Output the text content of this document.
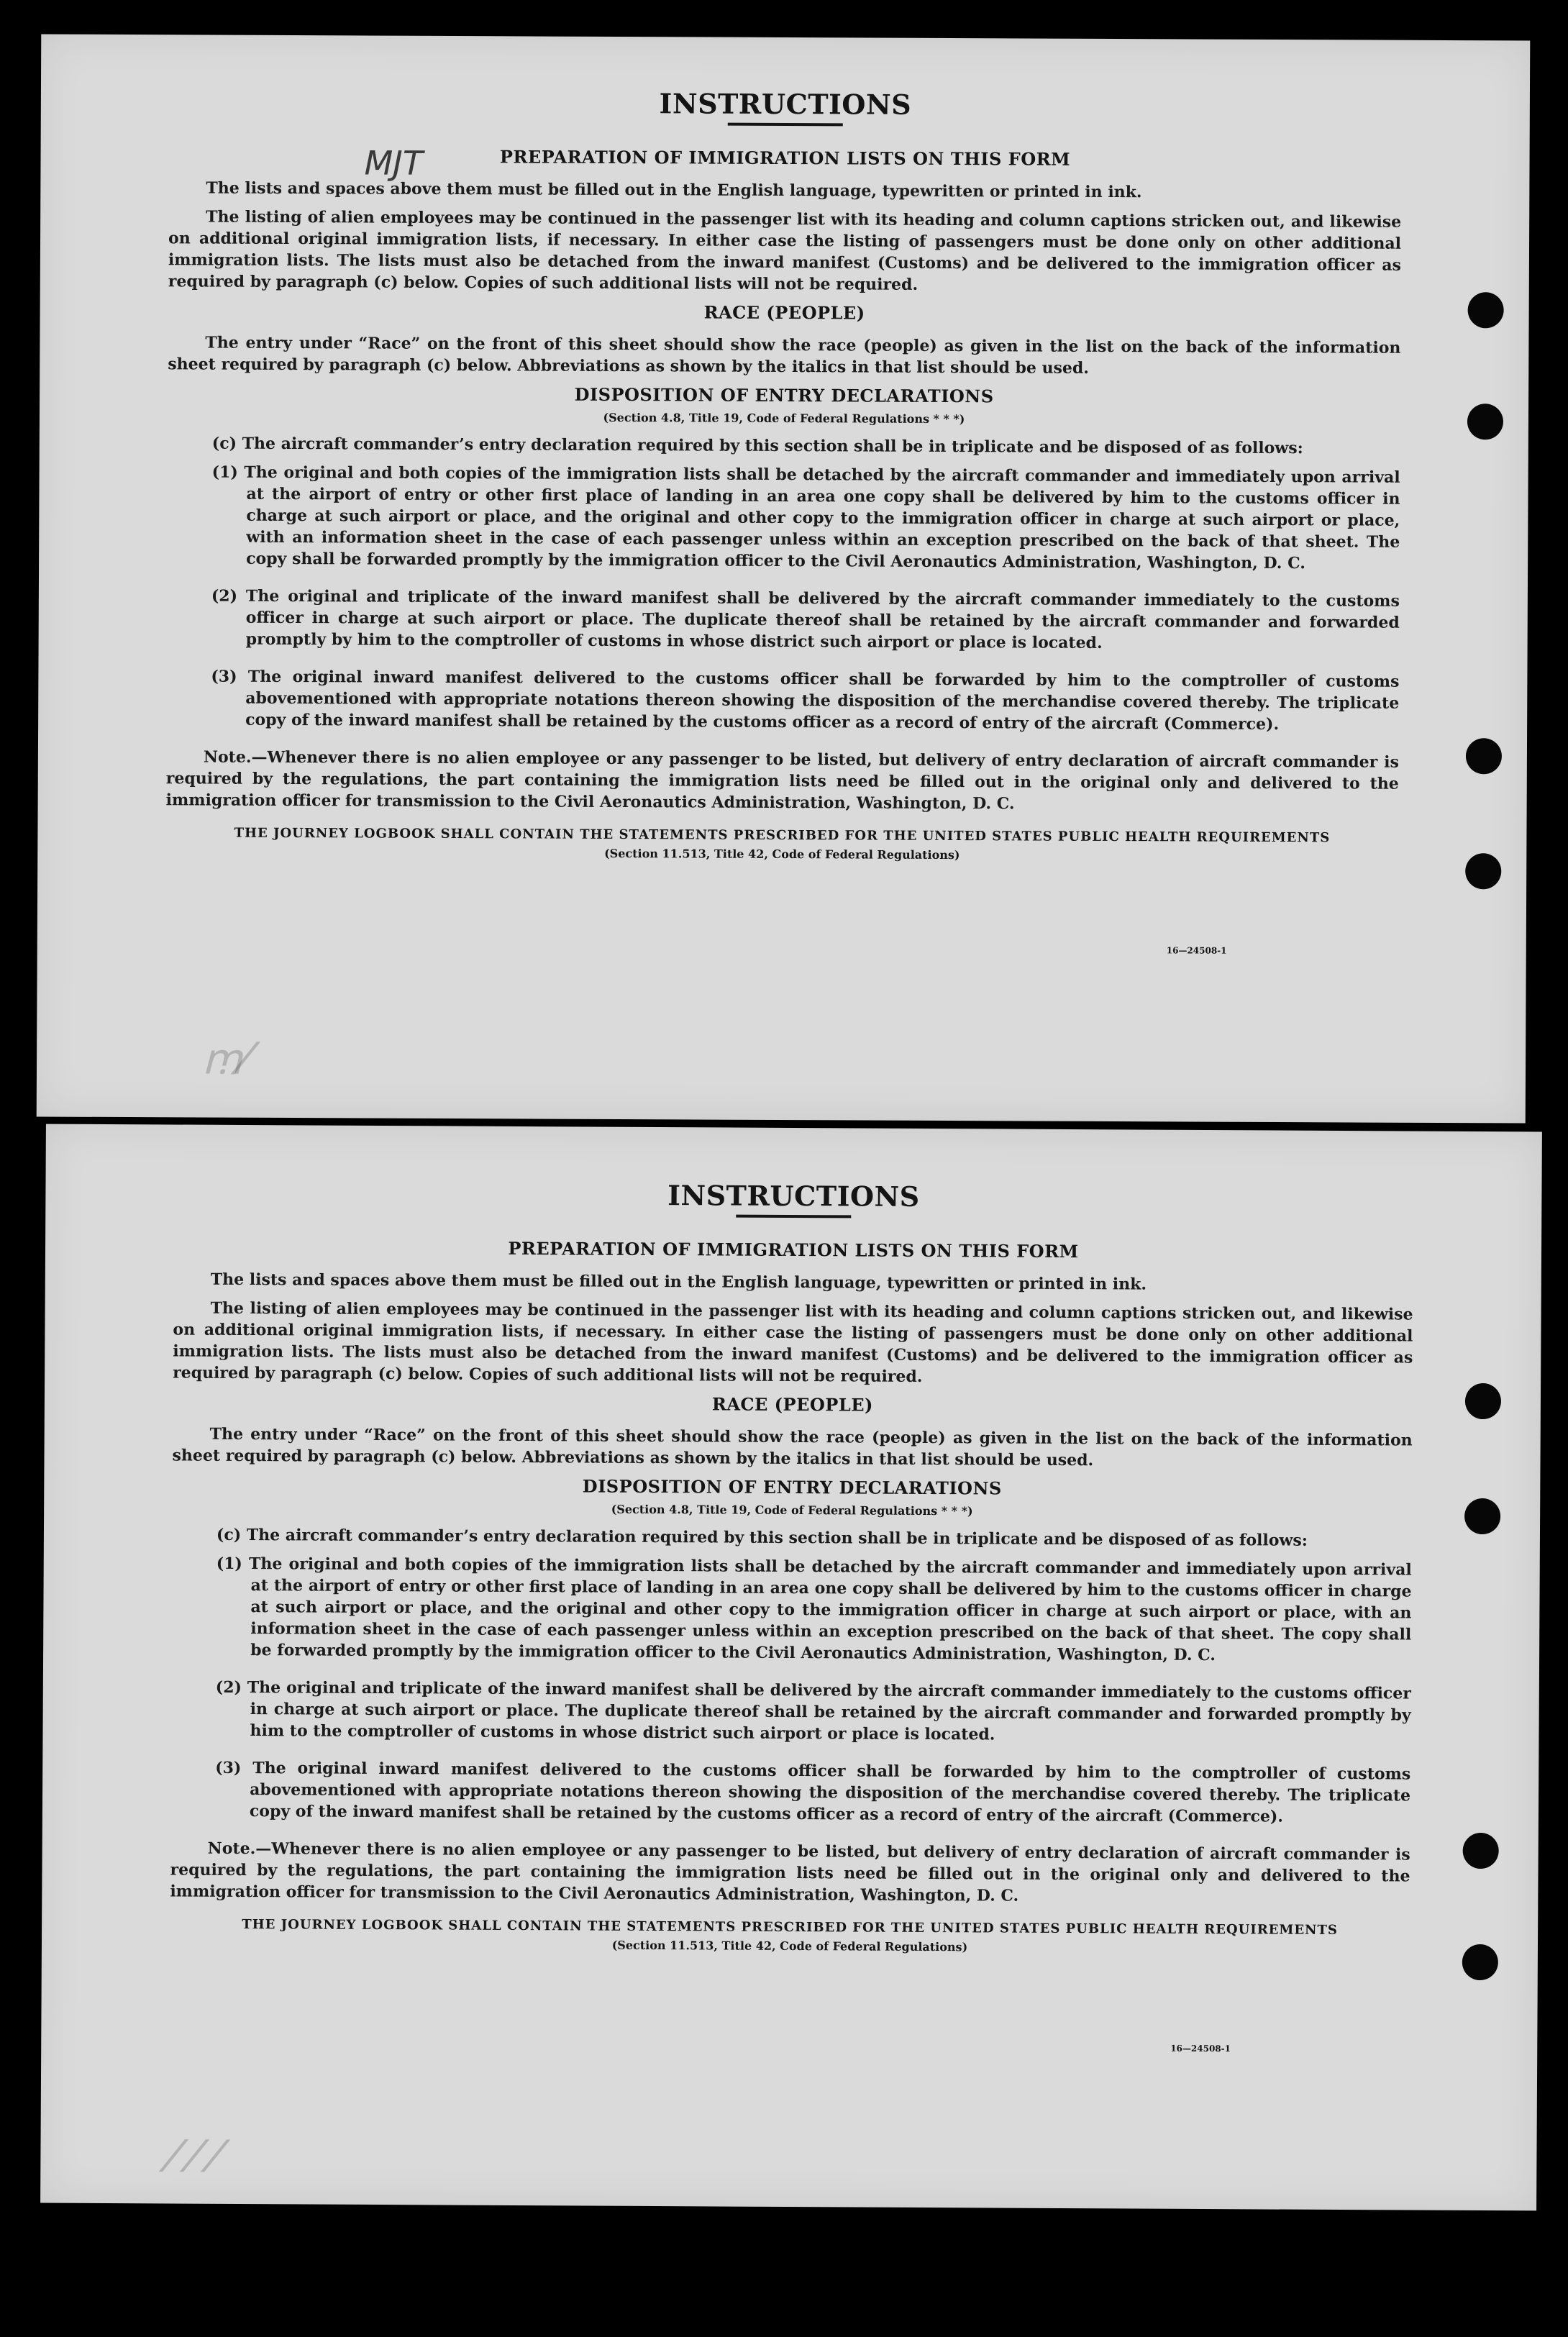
MJT
ꭑ⁄
INSTRUCTIONS
PREPARATION OF IMMIGRATION LISTS ON THIS FORM

The lists and spaces above them must be filled out in the English language, typewritten or printed in ink.

The listing of alien employees may be continued in the passenger list with its heading and column captions stricken out, and likewise on additional original immigration lists, if necessary. In either case the listing of passengers must be done only on other additional immigration lists. The lists must also be detached from the inward manifest (Customs) and be delivered to the immigration officer as required by paragraph (c) below. Copies of such additional lists will not be required.

RACE (PEOPLE)

The entry under “Race” on the front of this sheet should show the race (people) as given in the list on the back of the information sheet required by paragraph (c) below. Abbreviations as shown by the italics in that list should be used.

DISPOSITION OF ENTRY DECLARATIONS

(Section 4.8, Title 19, Code of Federal Regulations * * *)

(c) The aircraft commander’s entry declaration required by this section shall be in triplicate and be disposed of as follows:

(1) The original and both copies of the immigration lists shall be detached by the aircraft commander and immediately upon arrival at the airport of entry or other first place of landing in an area one copy shall be delivered by him to the customs officer in charge at such airport or place, and the original and other copy to the immigration officer in charge at such airport or place, with an information sheet in the case of each passenger unless within an exception prescribed on the back of that sheet. The copy shall be forwarded promptly by the immigration officer to the Civil Aeronautics Administration, Washington, D. C.

(2) The original and triplicate of the inward manifest shall be delivered by the aircraft commander immediately to the customs officer in charge at such airport or place. The duplicate thereof shall be retained by the aircraft commander and forwarded promptly by him to the comptroller of customs in whose district such airport or place is located.

(3) The original inward manifest delivered to the customs officer shall be forwarded by him to the comptroller of customs abovementioned with appropriate notations thereon showing the disposition of the merchandise covered thereby. The triplicate copy of the inward manifest shall be retained by the customs officer as a record of entry of the aircraft (Commerce).

Note.—Whenever there is no alien employee or any passenger to be listed, but delivery of entry declaration of aircraft commander is required by the regulations, the part containing the immigration lists need be filled out in the original only and delivered to the immigration officer for transmission to the Civil Aeronautics Administration, Washington, D. C.

THE JOURNEY LOGBOOK SHALL CONTAIN THE STATEMENTS PRESCRIBED FOR THE UNITED STATES PUBLIC HEALTH REQUIREMENTS

(Section 11.513, Title 42, Code of Federal Regulations)

16—24508-1
⁄ ⁄ ⁄
INSTRUCTIONS
PREPARATION OF IMMIGRATION LISTS ON THIS FORM

The lists and spaces above them must be filled out in the English language, typewritten or printed in ink.

The listing of alien employees may be continued in the passenger list with its heading and column captions stricken out, and likewise on additional original immigration lists, if necessary. In either case the listing of passengers must be done only on other additional immigration lists. The lists must also be detached from the inward manifest (Customs) and be delivered to the immigration officer as required by paragraph (c) below. Copies of such additional lists will not be required.

RACE (PEOPLE)

The entry under “Race” on the front of this sheet should show the race (people) as given in the list on the back of the information sheet required by paragraph (c) below. Abbreviations as shown by the italics in that list should be used.

DISPOSITION OF ENTRY DECLARATIONS

(Section 4.8, Title 19, Code of Federal Regulations * * *)

(c) The aircraft commander’s entry declaration required by this section shall be in triplicate and be disposed of as follows:

(1) The original and both copies of the immigration lists shall be detached by the aircraft commander and immediately upon arrival at the airport of entry or other first place of landing in an area one copy shall be delivered by him to the customs officer in charge at such airport or place, and the original and other copy to the immigration officer in charge at such airport or place, with an information sheet in the case of each passenger unless within an exception prescribed on the back of that sheet. The copy shall be forwarded promptly by the immigration officer to the Civil Aeronautics Administration, Washington, D. C.

(2) The original and triplicate of the inward manifest shall be delivered by the aircraft commander immediately to the customs officer in charge at such airport or place. The duplicate thereof shall be retained by the aircraft commander and forwarded promptly by him to the comptroller of customs in whose district such airport or place is located.

(3) The original inward manifest delivered to the customs officer shall be forwarded by him to the comptroller of customs abovementioned with appropriate notations thereon showing the disposition of the merchandise covered thereby. The triplicate copy of the inward manifest shall be retained by the customs officer as a record of entry of the aircraft (Commerce).

Note.—Whenever there is no alien employee or any passenger to be listed, but delivery of entry declaration of aircraft commander is required by the regulations, the part containing the immigration lists need be filled out in the original only and delivered to the immigration officer for transmission to the Civil Aeronautics Administration, Washington, D. C.

THE JOURNEY LOGBOOK SHALL CONTAIN THE STATEMENTS PRESCRIBED FOR THE UNITED STATES PUBLIC HEALTH REQUIREMENTS

(Section 11.513, Title 42, Code of Federal Regulations)

16—24508-1
